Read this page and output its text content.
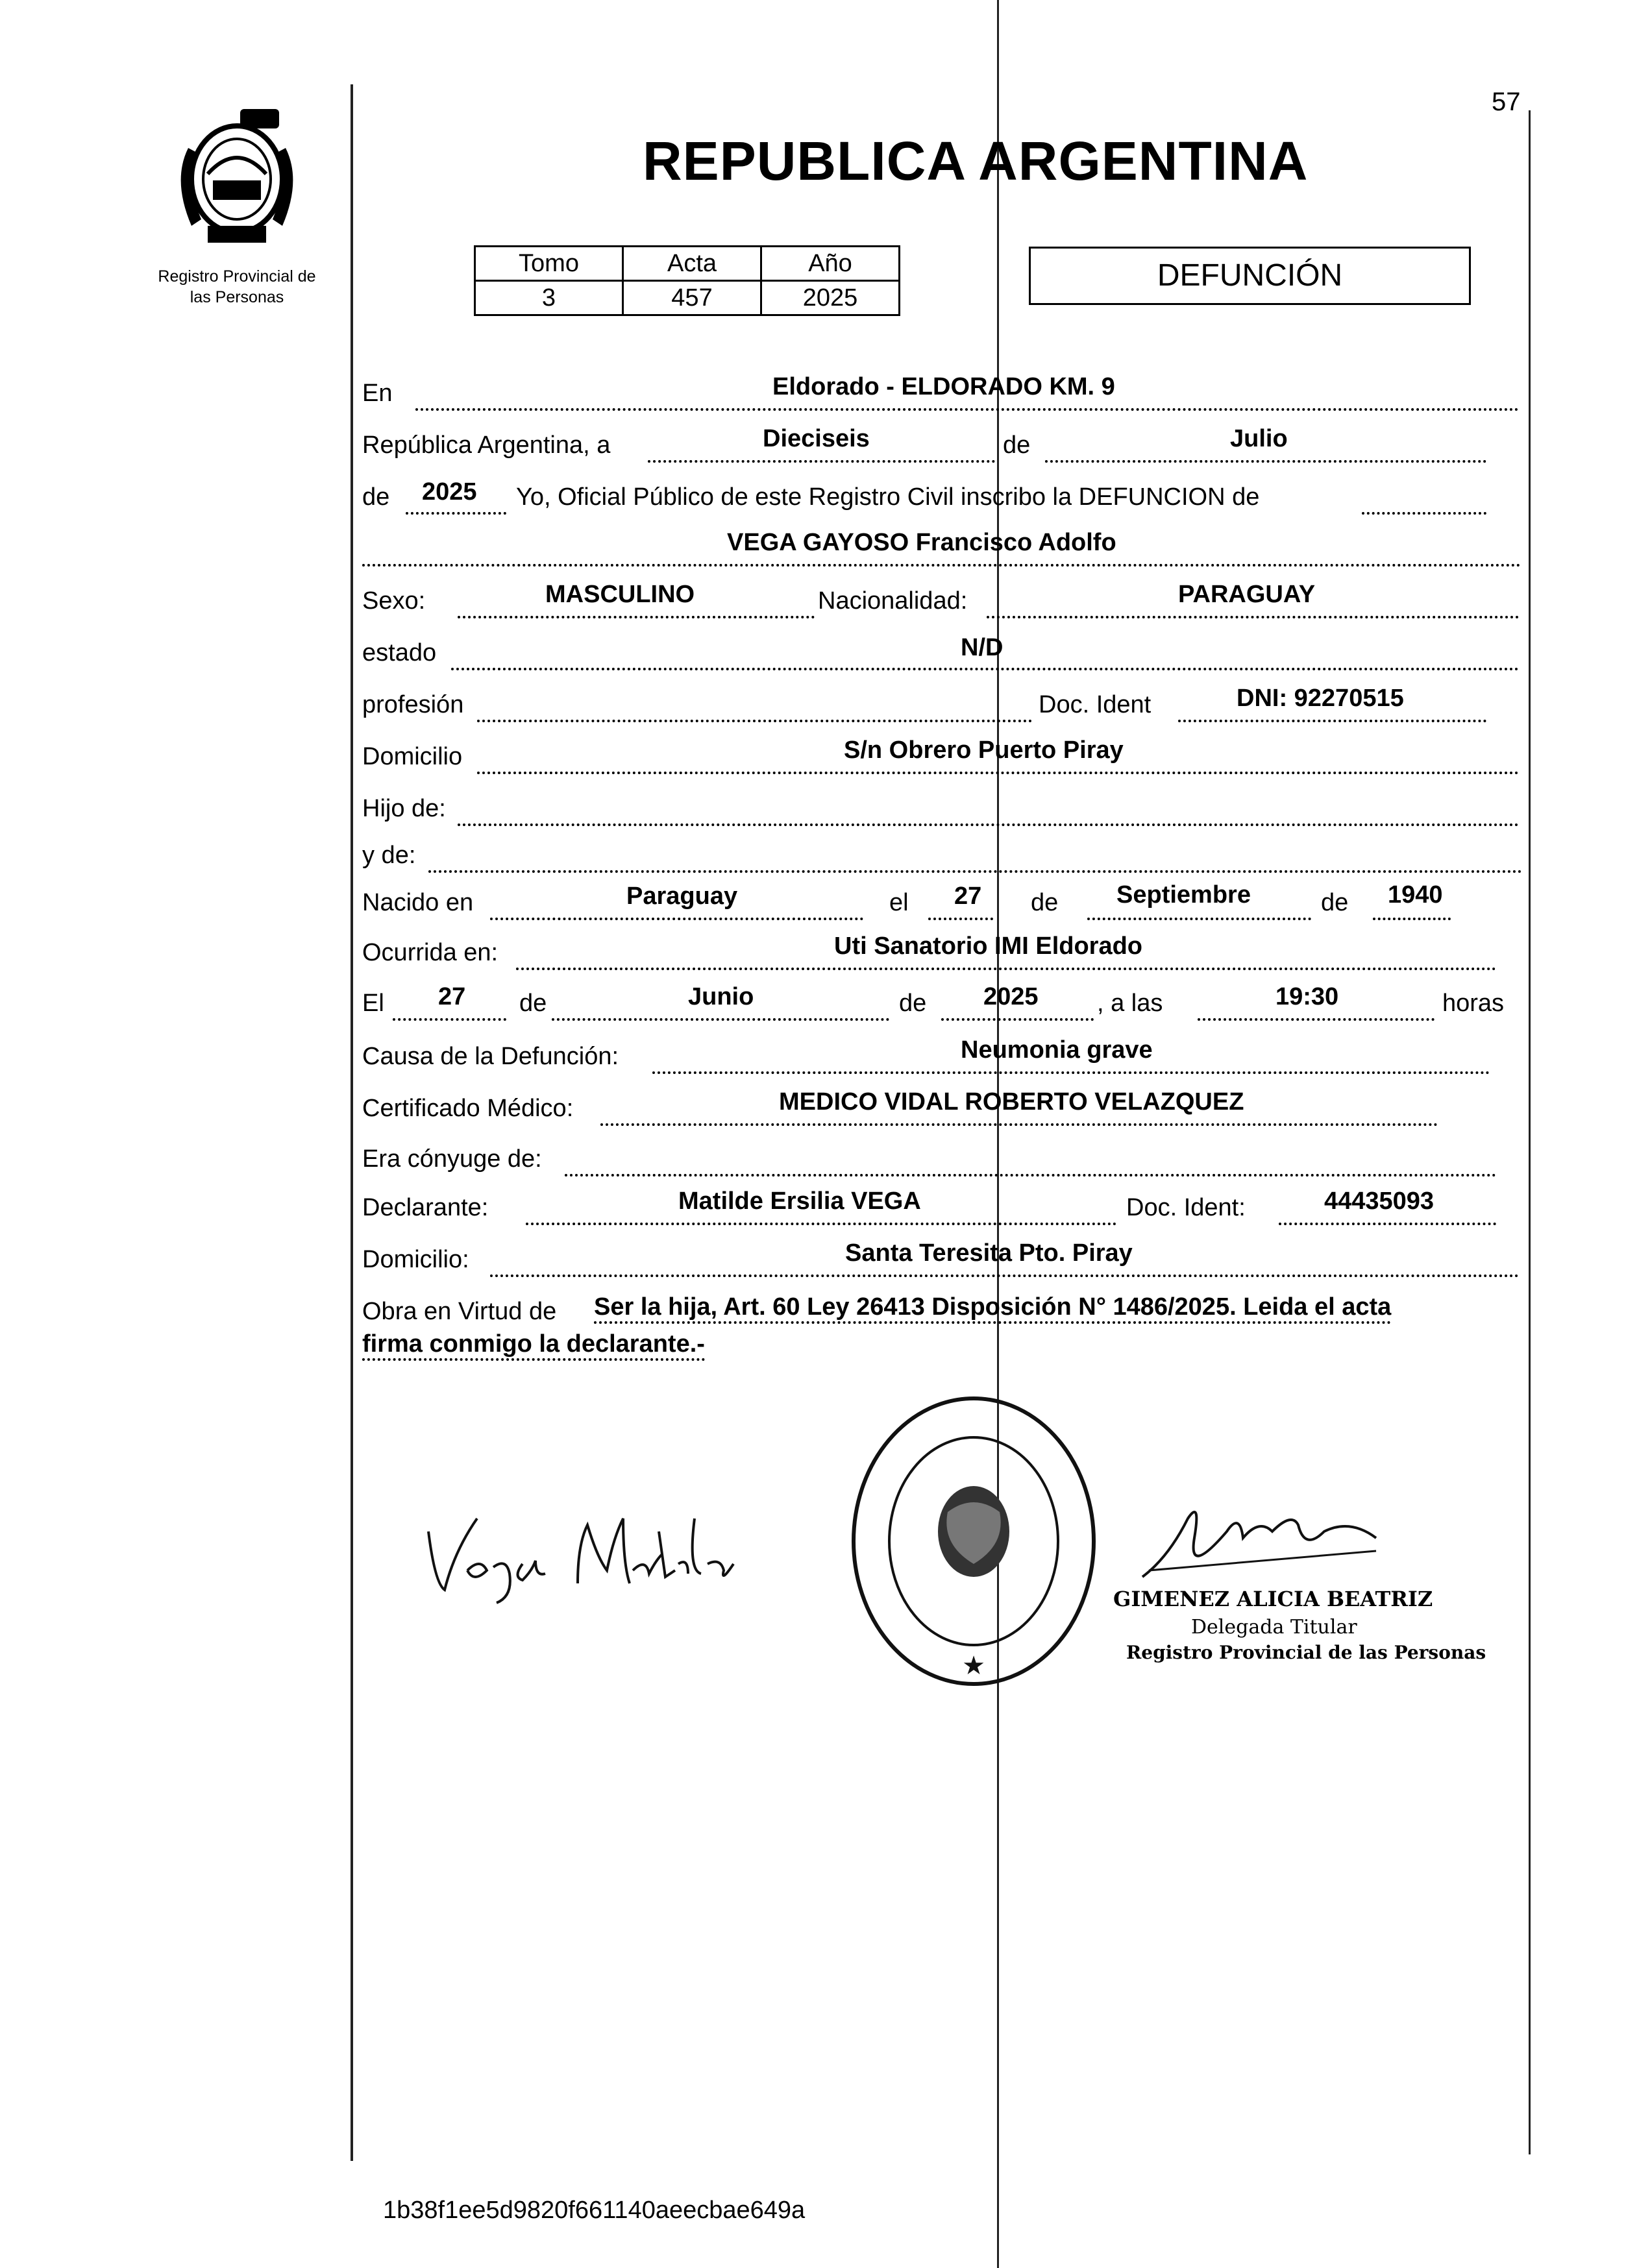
57
Registro Provincial de
las Personas
REPUBLICA ARGENTINA
Tomo	Acta	Año
3	457	2025
DEFUNCIÓN
En	Eldorado - ELDORADO KM. 9
República Argentina, a	Dieciseis	de	Julio
de 2025 Yo, Oficial Público de este Registro Civil inscribo la DEFUNCION de
VEGA GAYOSO Francisco Adolfo
Sexo:	MASCULINO	Nacionalidad:	PARAGUAY
estado	N/D
profesión	Doc. Ident	DNI: 92270515
Domicilio	S/n Obrero Puerto Piray
Hijo de:
y de:
Nacido en	Paraguay	el 27 de Septiembre	de 1940
Ocurrida en:	Uti Sanatorio IMI Eldorado
El 27 de	Junio	de 2025 , a las	19:30	horas
Causa de la Defunción:	Neumonia grave
Certificado Médico:	MEDICO VIDAL ROBERTO VELAZQUEZ
Era cónyuge de:
Declarante:	Matilde Ersilia VEGA	Doc. Ident:	44435093
Domicilio:	Santa Teresita Pto. Piray
Obra en Virtud de Ser la hija, Art. 60 Ley 26413 Disposición N° 1486/2025. Leida el acta
firma conmigo la declarante.-
★
GIMENEZ ALICIA BEATRIZ
Delegada Titular
Registro Provincial de las Personas
1b38f1ee5d9820f661140aeecbae649a
